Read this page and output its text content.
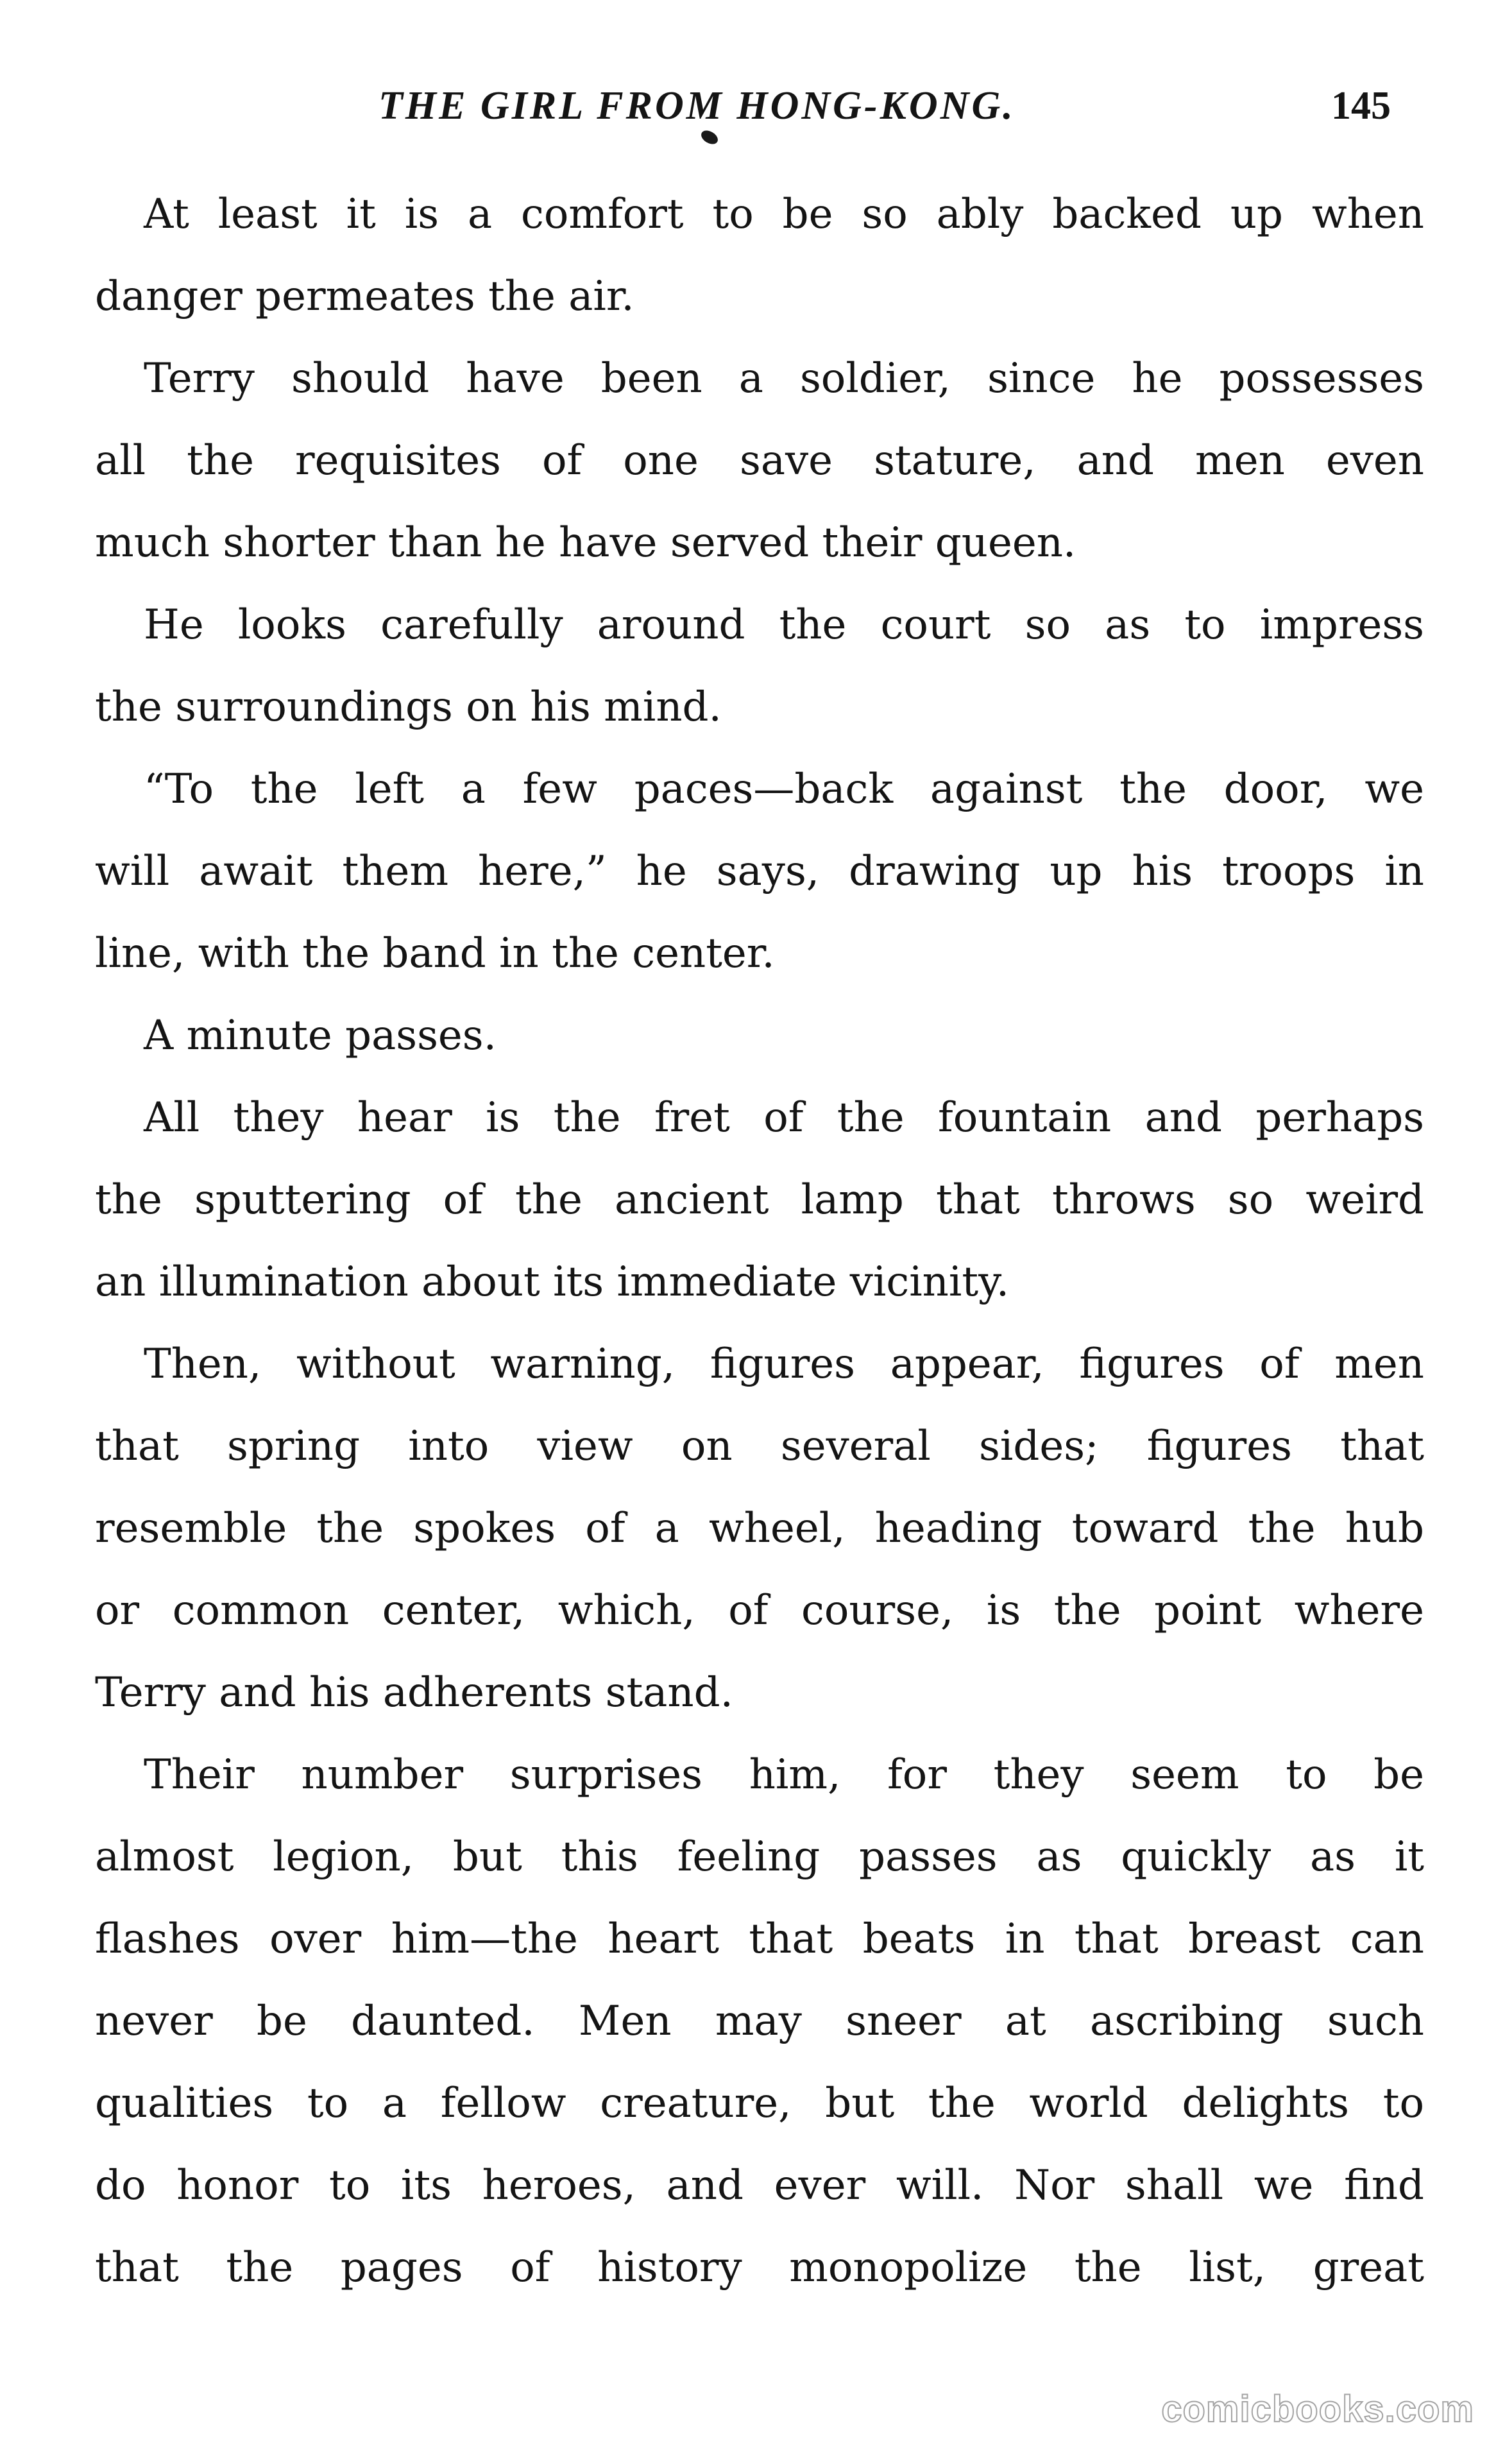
THE GIRL FROM HONG-KONG.	145
At least it is a comfort to be so ably backed up when
danger permeates the air.
Terry should have been a soldier, since he possesses
all the requisites of one save stature, and men even
much shorter than he have served their queen.
He looks carefully around the court so as to impress
the surroundings on his mind.
“To the left a few paces—back against the door, we
will await them here,” he says, drawing up his troops in
line, with the band in the center.
A minute passes.
All they hear is the fret of the fountain and perhaps
the sputtering of the ancient lamp that throws so weird
an illumination about its immediate vicinity.
Then, without warning, figures appear, figures of men
that spring into view on several sides; figures that
resemble the spokes of a wheel, heading toward the hub
or common center, which, of course, is the point where
Terry and his adherents stand.
Their number surprises him, for they seem to be
almost legion, but this feeling passes as quickly as it
flashes over him—the heart that beats in that breast can
never be daunted. Men may sneer at ascribing such
qualities to a fellow creature, but the world delights to
do honor to its heroes, and ever will. Nor shall we find
that the pages of history monopolize the list, great
comicbooks.com
